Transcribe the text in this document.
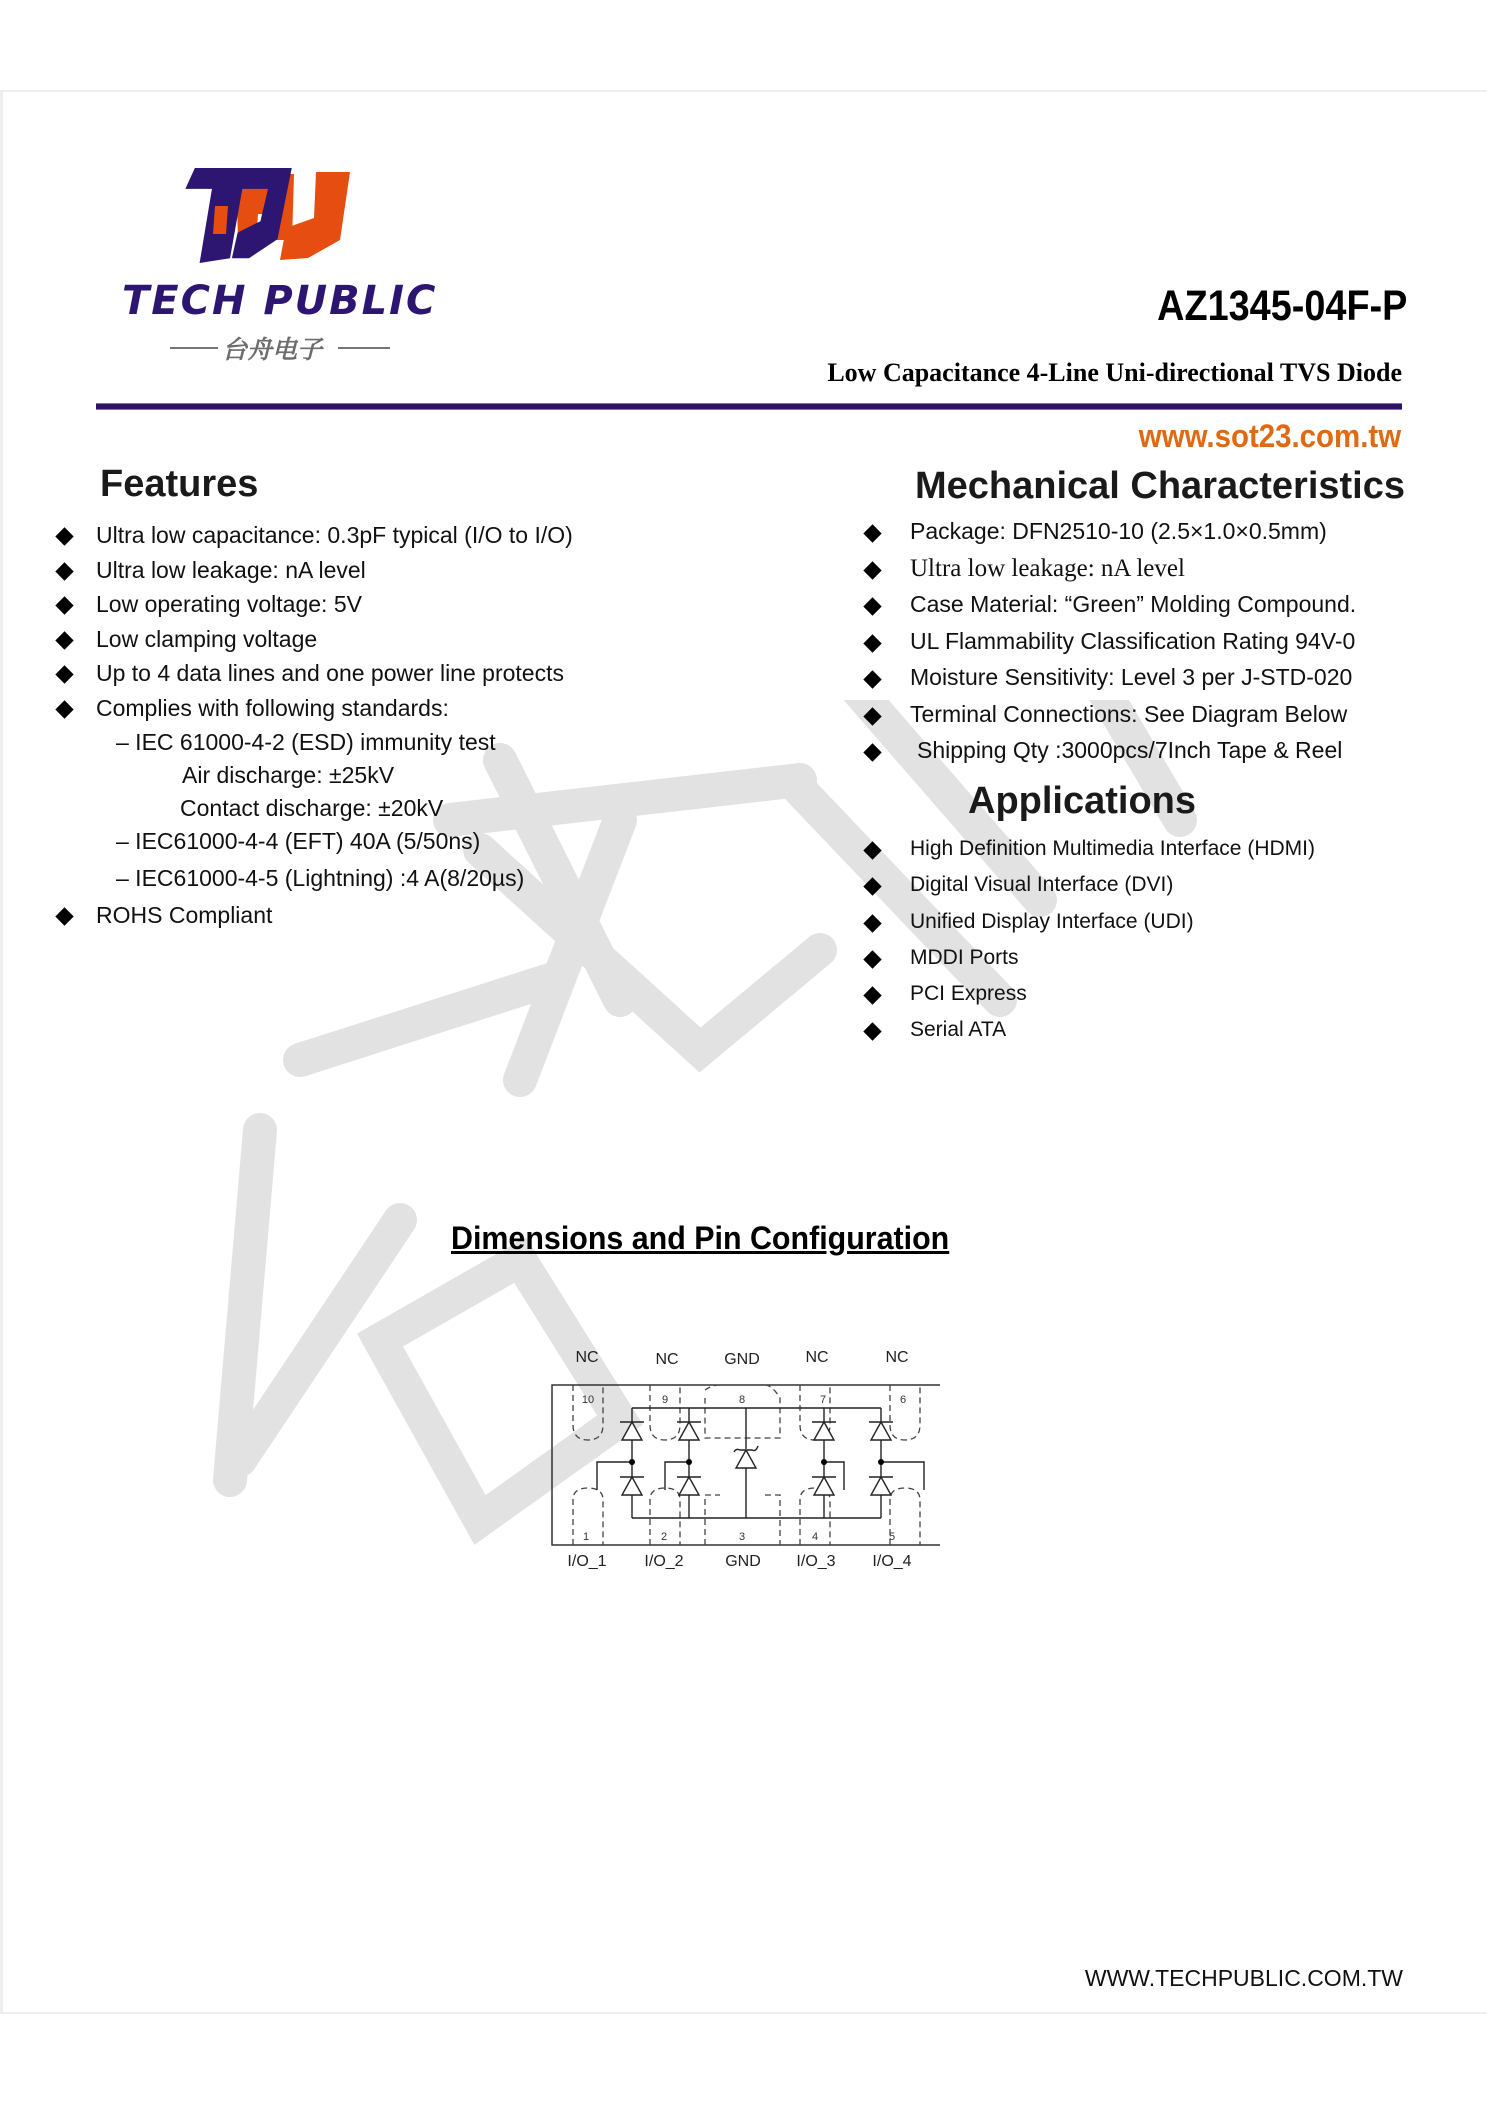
TECH PUBLIC
台舟电子
AZ1345-04F-P
Low Capacitance 4-Line Uni-directional TVS Diode
www.sot23.com.tw
Features
Ultra low capacitance: 0.3pF typical (I/O to I/O)
Ultra low leakage: nA level
Low operating voltage: 5V
Low clamping voltage
Up to 4 data lines and one power line protects
Complies with following standards:
– IEC 61000-4-2 (ESD) immunity test
Air discharge: ±25kV
Contact discharge: ±20kV
– IEC61000-4-4 (EFT) 40A (5/50ns)
– IEC61000-4-5 (Lightning) :4 A(8/20µs)
ROHS Compliant
Mechanical Characteristics
Package: DFN2510-10 (2.5×1.0×0.5mm)
Ultra low leakage: nA level
Case Material: “Green” Molding Compound.
UL Flammability Classification Rating 94V-0
Moisture Sensitivity: Level 3 per J-STD-020
Terminal Connections: See Diagram Below
Shipping Qty :3000pcs/7Inch Tape & Reel
Applications
High Definition Multimedia Interface (HDMI)
Digital Visual Interface (DVI)
Unified Display Interface (UDI)
MDDI Ports
PCI Express
Serial ATA
Dimensions and Pin Configuration
NC	NC	GND	NC	NC
10	9	8	7	6
1	2	3	4	5
I/O_1 I/O_2	GND I/O_3 I/O_4
WWW.TECHPUBLIC.COM.TW
